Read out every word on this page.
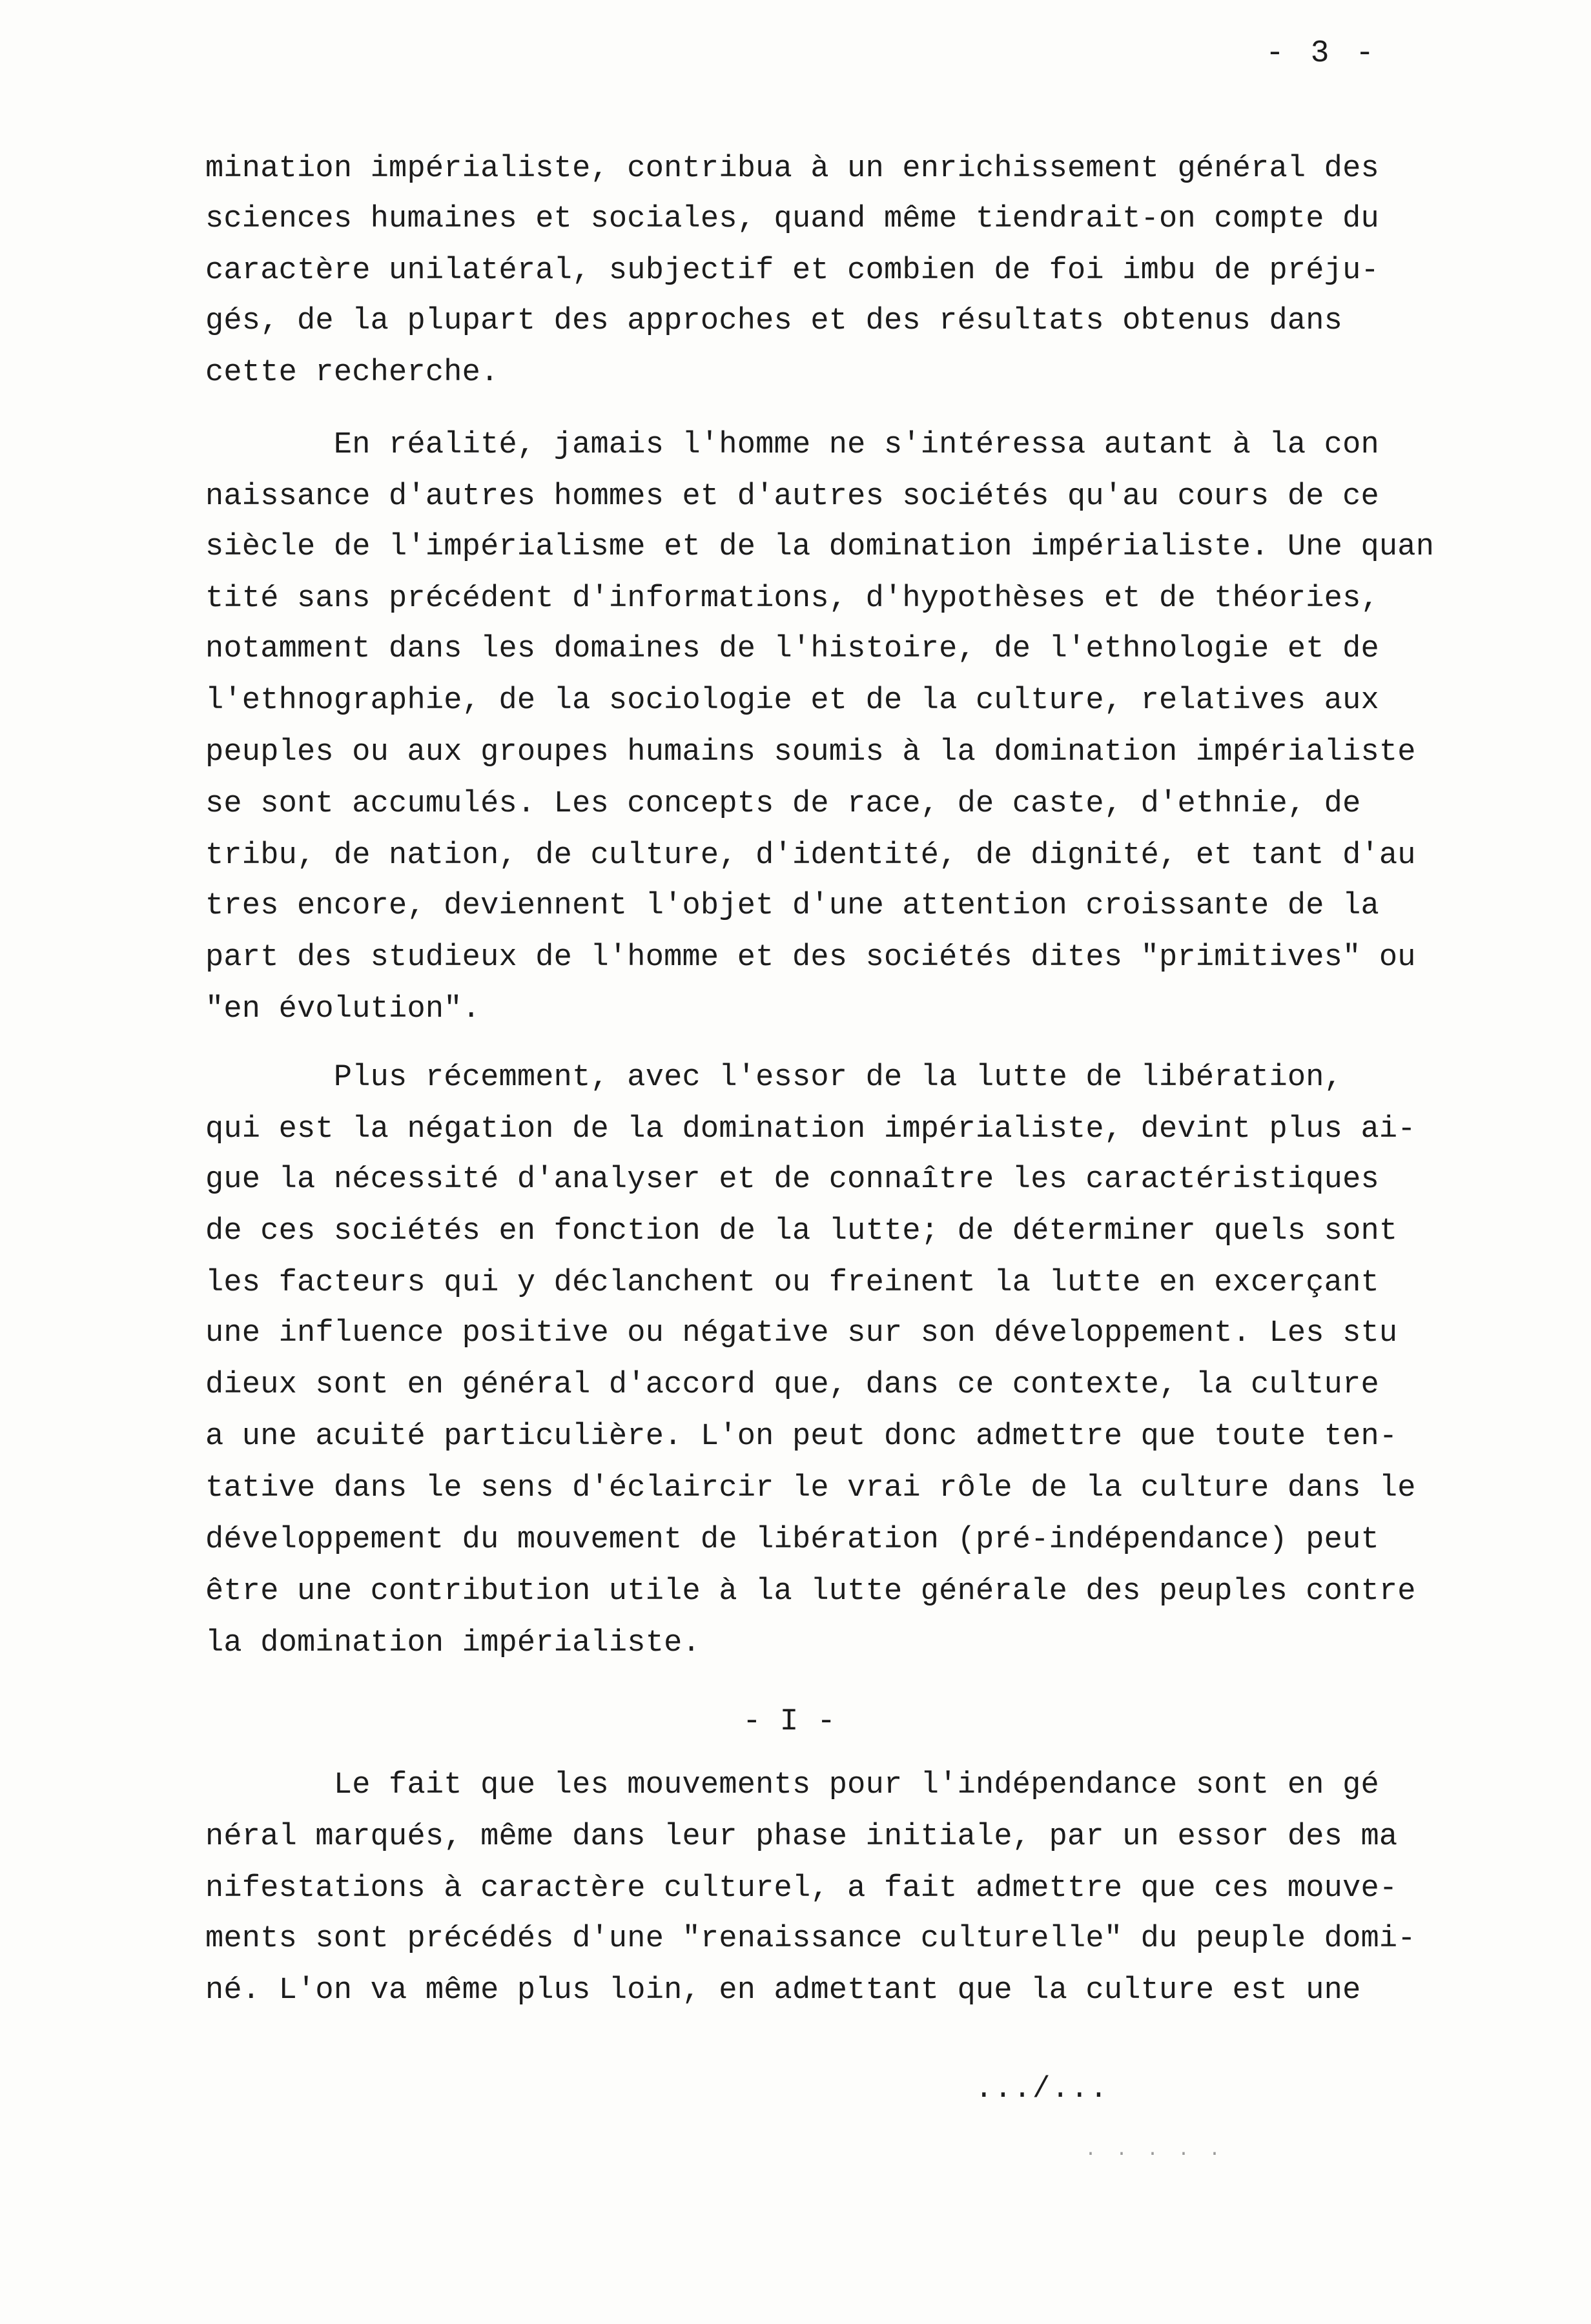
- 3 -
mination impérialiste, contribua à un enrichissement général des
sciences humaines et sociales, quand même tiendrait-on compte du
caractère unilatéral, subjectif et combien de foi imbu de préju-
gés, de la plupart des approches et des résultats obtenus dans
cette recherche.
En réalité, jamais l'homme ne s'intéressa autant à la con
naissance d'autres hommes et d'autres sociétés qu'au cours de ce
siècle de l'impérialisme et de la domination impérialiste. Une quan
tité sans précédent d'informations, d'hypothèses et de théories,
notamment dans les domaines de l'histoire, de l'ethnologie et de
l'ethnographie, de la sociologie et de la culture, relatives aux
peuples ou aux groupes humains soumis à la domination impérialiste
se sont accumulés. Les concepts de race, de caste, d'ethnie, de
tribu, de nation, de culture, d'identité, de dignité, et tant d'au
tres encore, deviennent l'objet d'une attention croissante de la
part des studieux de l'homme et des sociétés dites "primitives" ou
"en évolution".
Plus récemment, avec l'essor de la lutte de libération,
qui est la négation de la domination impérialiste, devint plus ai-
gue la nécessité d'analyser et de connaître les caractéristiques
de ces sociétés en fonction de la lutte; de déterminer quels sont
les facteurs qui y déclanchent ou freinent la lutte en excerçant
une influence positive ou négative sur son développement. Les stu
dieux sont en général d'accord que, dans ce contexte, la culture
a une acuité particulière. L'on peut donc admettre que toute ten-
tative dans le sens d'éclaircir le vrai rôle de la culture dans le
développement du mouvement de libération (pré-indépendance) peut
être une contribution utile à la lutte générale des peuples contre
la domination impérialiste.
- I -
Le fait que les mouvements pour l'indépendance sont en gé
néral marqués, même dans leur phase initiale, par un essor des ma
nifestations à caractère culturel, a fait admettre que ces mouve-
ments sont précédés d'une "renaissance culturelle" du peuple domi-
né. L'on va même plus loin, en admettant que la culture est une
.../...
· · · · ·
